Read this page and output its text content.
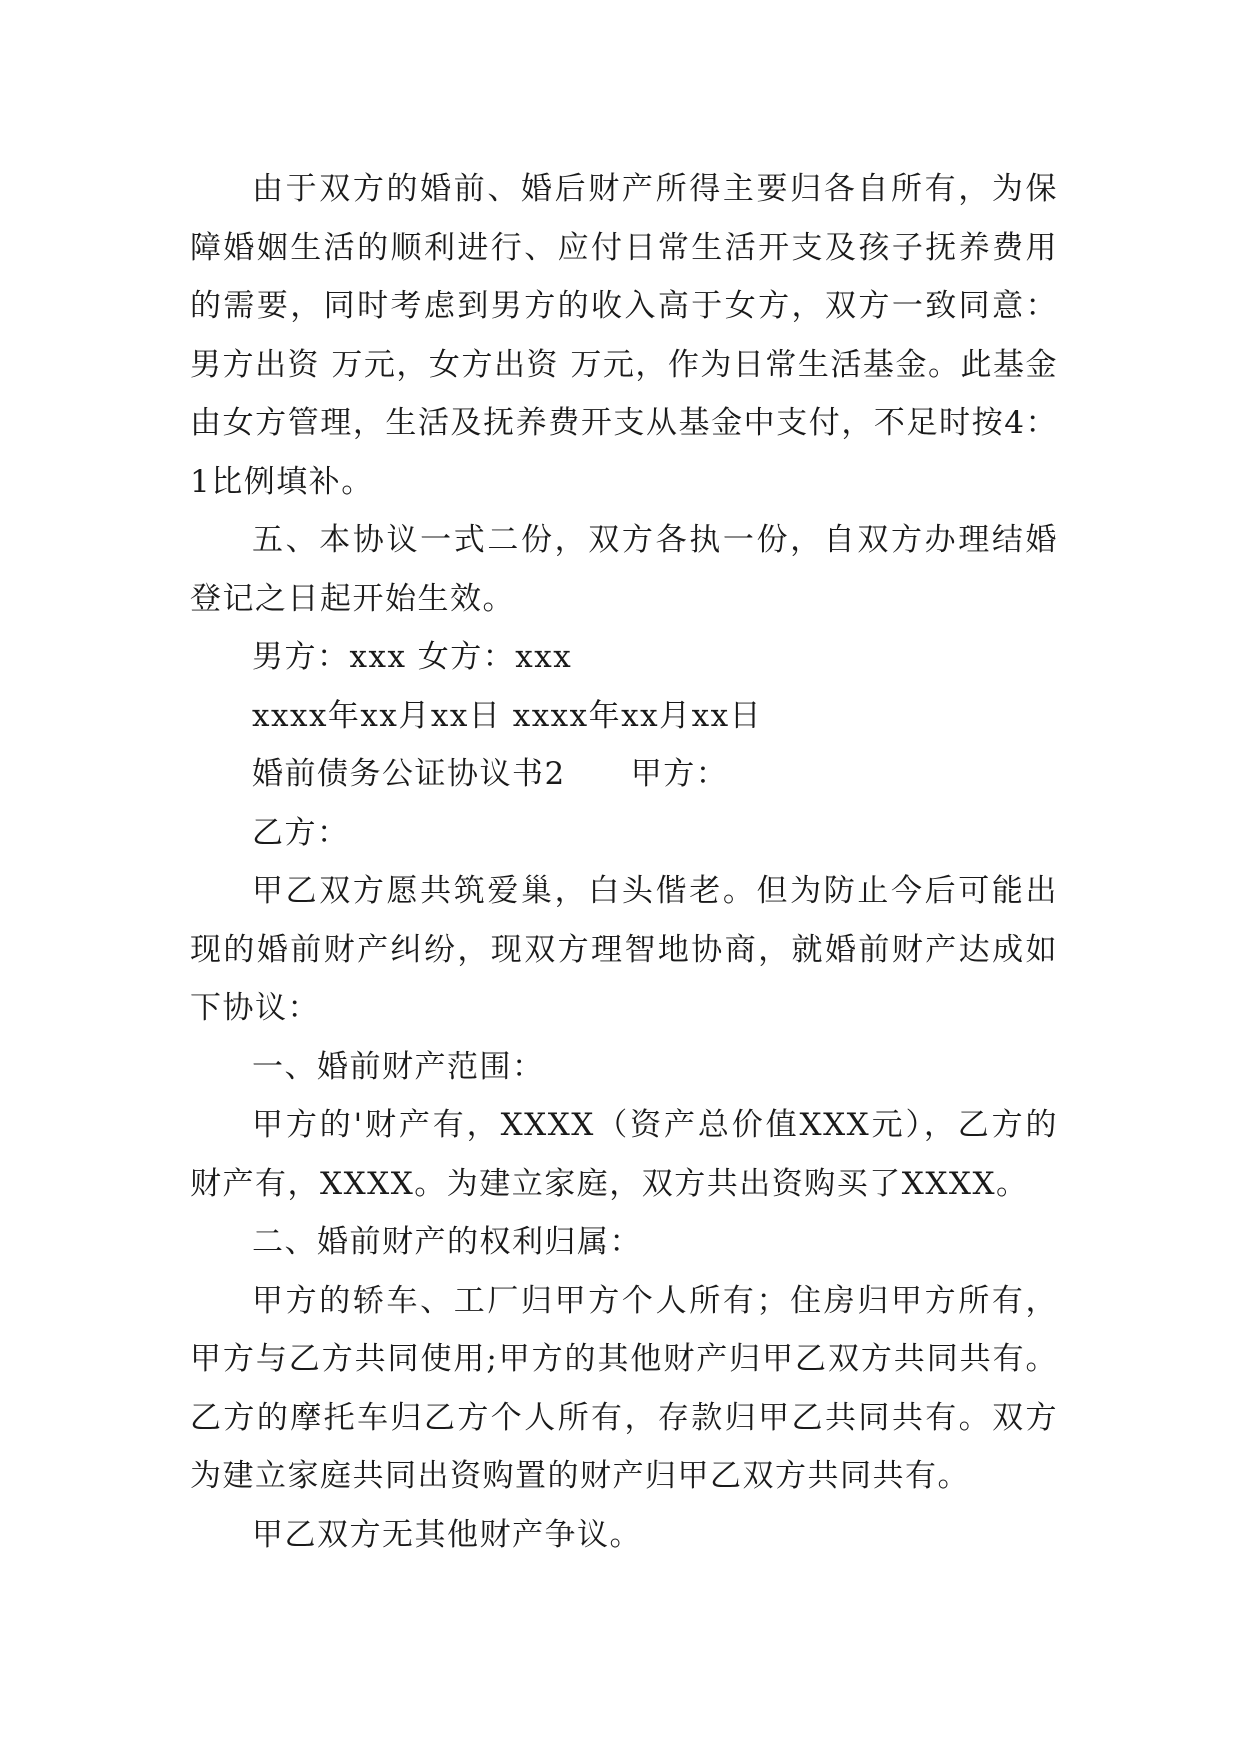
由于双方的婚前、婚后财产所得主要归各自所有，为保障婚姻生活的顺利进行、应付日常生活开支及孩子抚养费用的需要，同时考虑到男方的收入高于女方，双方一致同意：男方出资 万元，女方出资 万元，作为日常生活基金。此基金由女方管理，生活及抚养费开支从基金中支付，不足时按4：1比例填补。

五、本协议一式二份，双方各执一份，自双方办理结婚登记之日起开始生效。

男方：xxx 女方：xxx

xxxx年xx月xx日 xxxx年xx月xx日

婚前债务公证协议书2　　甲方：

乙方：

甲乙双方愿共筑爱巢，白头偕老。但为防止今后可能出现的婚前财产纠纷，现双方理智地协商，就婚前财产达成如下协议：

一、婚前财产范围：

甲方的'财产有，XXXX（资产总价值XXX元），乙方的财产有，XXXX。为建立家庭，双方共出资购买了XXXX。

二、婚前财产的权利归属：

甲方的轿车、工厂归甲方个人所有；住房归甲方所有，甲方与乙方共同使用;甲方的其他财产归甲乙双方共同共有。乙方的摩托车归乙方个人所有，存款归甲乙共同共有。双方为建立家庭共同出资购置的财产归甲乙双方共同共有。

甲乙双方无其他财产争议。
